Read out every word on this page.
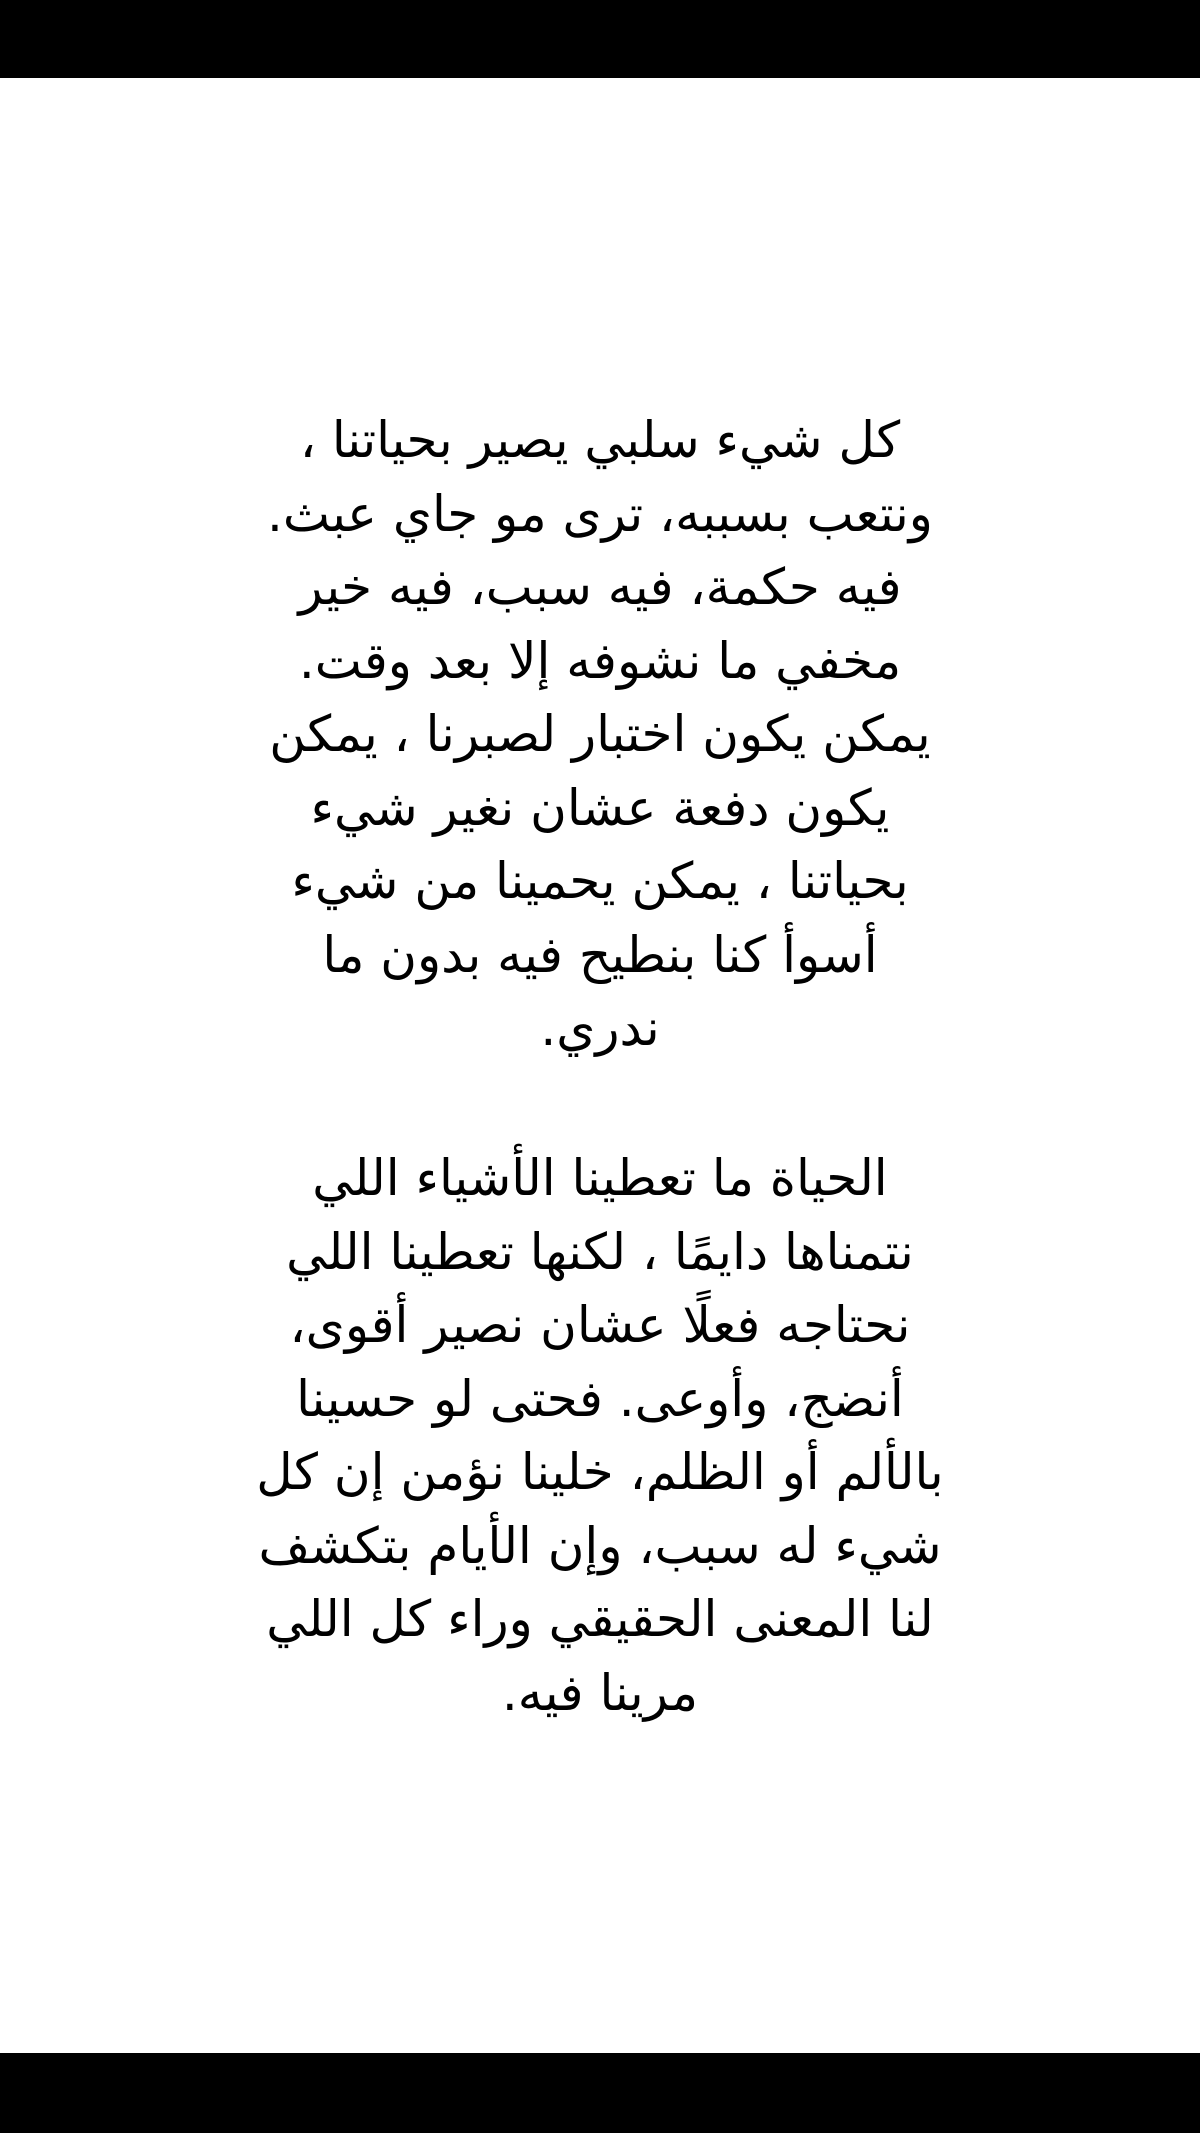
كل شيء سلبي يصير بحياتنا ،
ونتعب بسببه، ترى مو جاي عبث.
فيه حكمة، فيه سبب، فيه خير
مخفي ما نشوفه إلا بعد وقت.
يمكن يكون اختبار لصبرنا ، يمكن
يكون دفعة عشان نغير شيء
بحياتنا ، يمكن يحمينا من شيء
أسوأ كنا بنطيح فيه بدون ما
ندري.
الحياة ما تعطينا الأشياء اللي
نتمناها دايمًا ، لكنها تعطينا اللي
نحتاجه فعلًا عشان نصير أقوى،
أنضج، وأوعى. فحتى لو حسينا
بالألم أو الظلم، خلينا نؤمن إن كل
شيء له سبب، وإن الأيام بتكشف
لنا المعنى الحقيقي وراء كل اللي
مرينا فيه.
